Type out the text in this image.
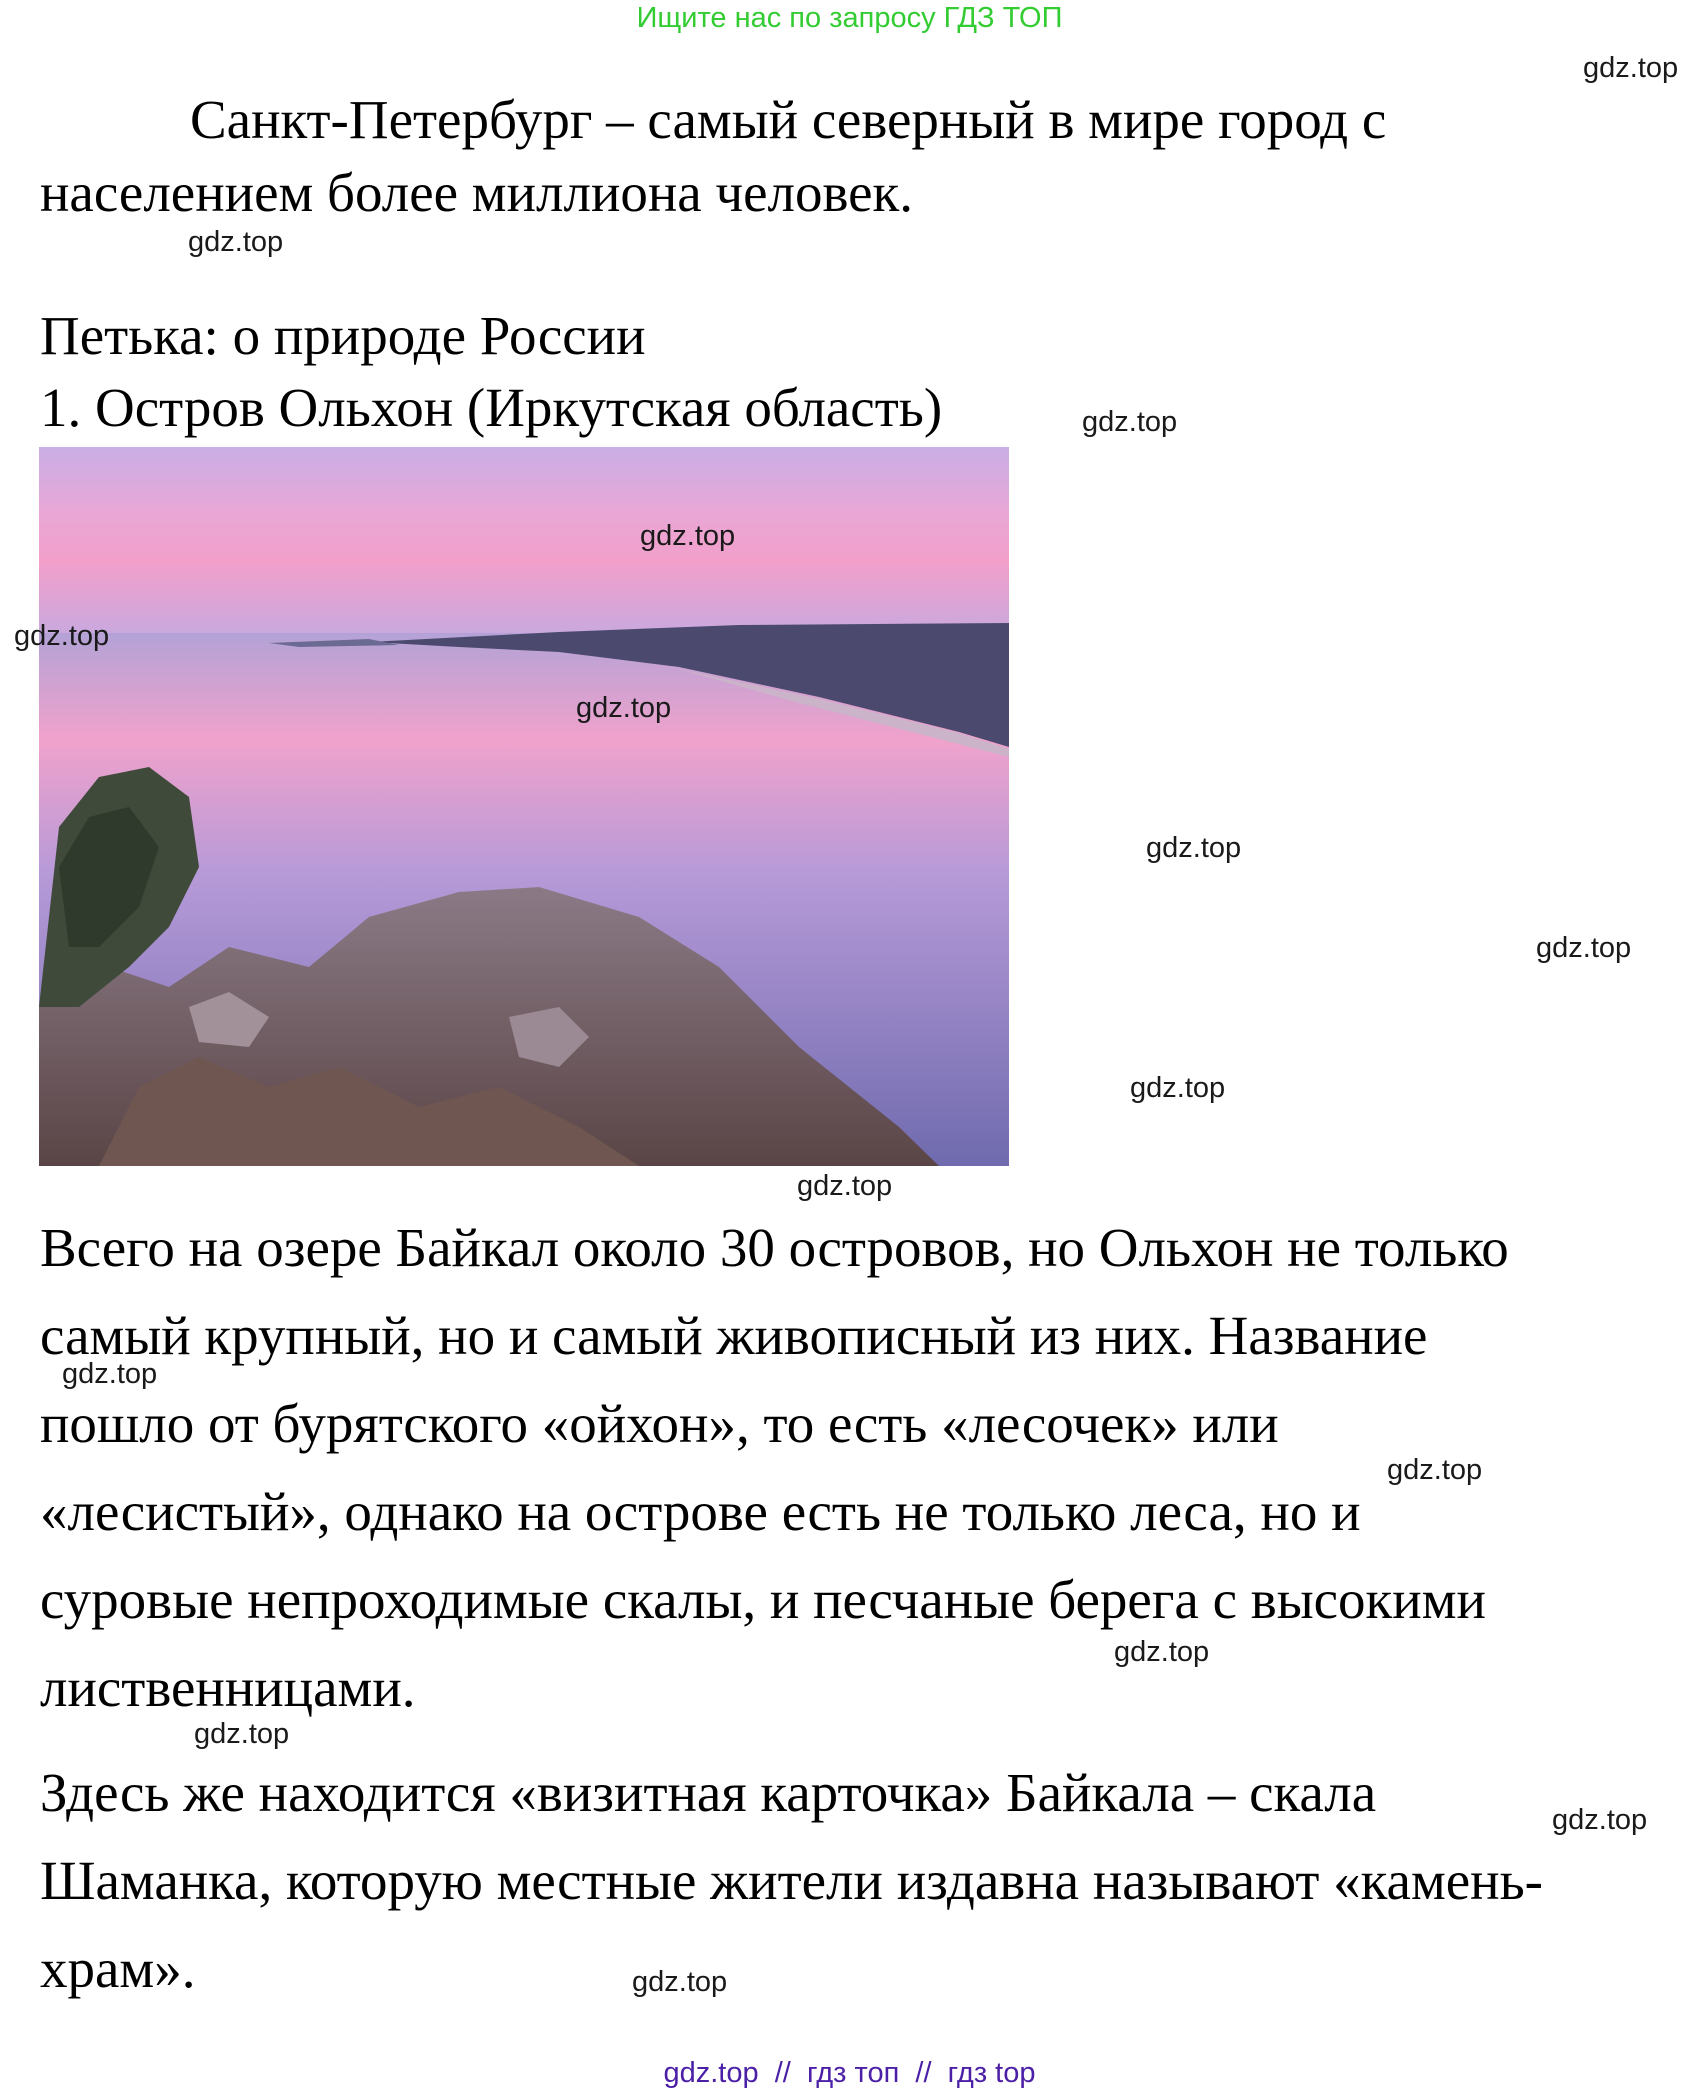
Ищите нас по запросу ГДЗ ТОП
Санкт-Петербург – самый северный в мире город с
населением более миллиона человек.
Петька: о природе России
1. Остров Ольхон (Иркутская область)
Всего на озере Байкал около 30 островов, но Ольхон не только
самый крупный, но и самый живописный из них. Название
пошло от бурятского «ойхон», то есть «лесочек» или
«лесистый», однако на острове есть не только леса, но и
суровые непроходимые скалы, и песчаные берега с высокими
лиственницами.
Здесь же находится «визитная карточка» Байкала – скала
Шаманка, которую местные жители издавна называют «камень-
храм».
gdz.top
gdz.top
gdz.top
gdz.top
gdz.top
gdz.top
gdz.top
gdz.top
gdz.top
gdz.top
gdz.top
gdz.top
gdz.top
gdz.top
gdz.top
gdz.top
gdz.top  //  гдз топ  //  гдз top
